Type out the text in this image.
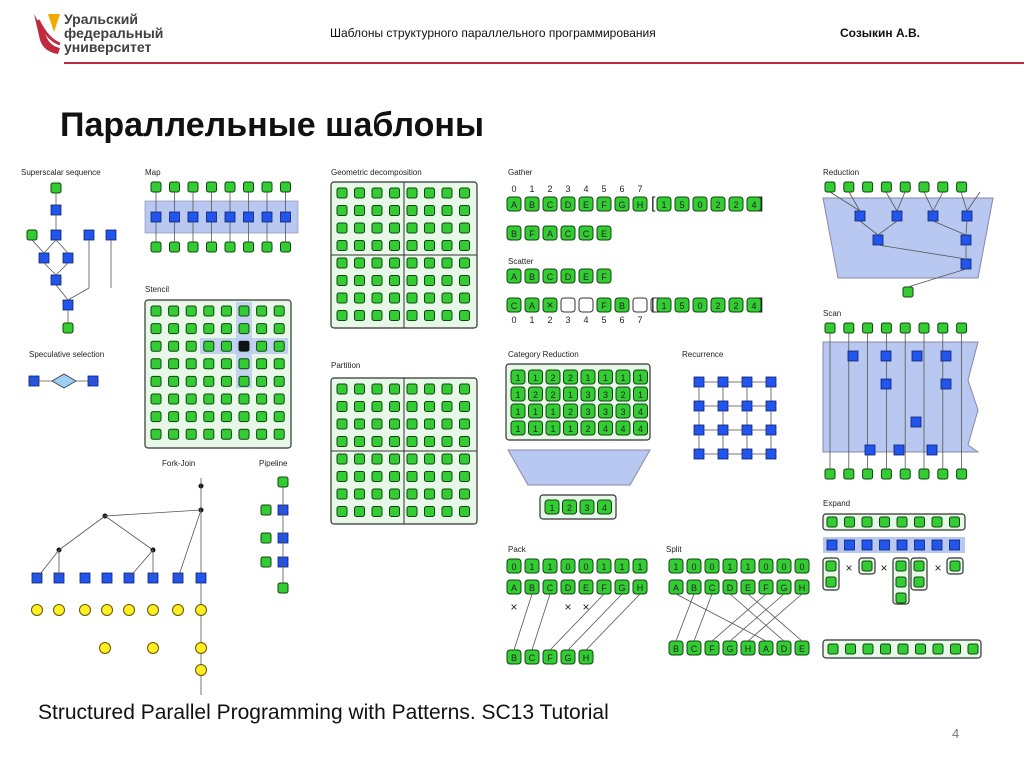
Уральский
федеральный
университет
Шаблоны структурного параллельного программирования	Созыкин А.В.
Параллельные шаблоны
Superscalar sequence	Map	Geometric decomposition	Gather	Reduction
Speculative selection
Stencil
Scatter
Scan
Partition
Category Reduction	Recurrence
Fork-Join	Pipeline
Expand
Pack	Split
0 1 2 3 4 5 6 7
A B C D E F G H [ 1 5 0 2 2 4 ]
B F A C C E
A B C D E F
C A ×	F B [ 1 5 0 2 2 4 ]
0 1 2 3 4 5 6 7
1 1 2 2 1 1 1 1
1 2 2 1 3 3 2 1
1 1 1 2 3 3 3 4
1 1 1 1 2 4 4 4
1 2 3 4
× ×	×
0 1 1 0 0 1 1 1
A B C D E F G H
×	× ×
B C F G H
1 0 0 1 1 0 0 0
A B C D E F G H
B C F G H A D E
Structured Parallel Programming with Patterns. SC13 Tutorial
4
